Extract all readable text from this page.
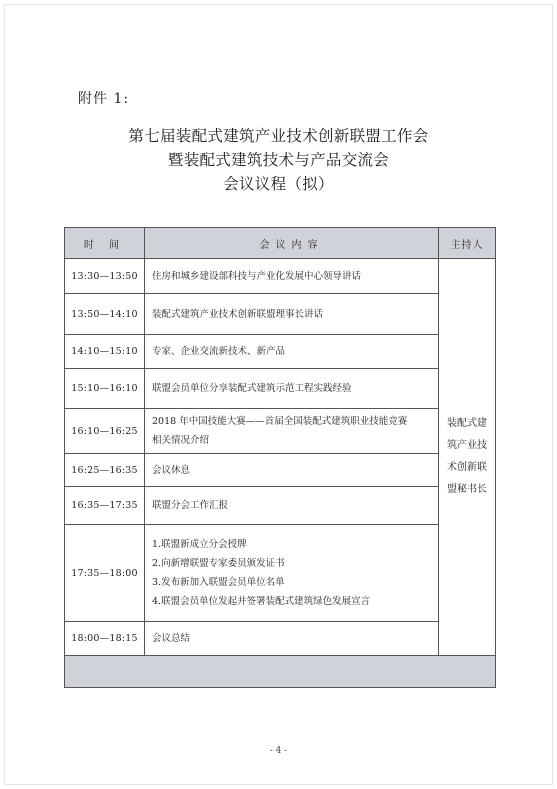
附件 1:
第七届装配式建筑产业技术创新联盟工作会
暨装配式建筑技术与产品交流会
会议议程（拟）
时 间	会议内容	主持人
13:30—13:50	住房和城乡建设部科技与产业化发展中心领导讲话	装配式建筑产业技术创新联盟秘书长
13:50—14:10	装配式建筑产业技术创新联盟理事长讲话	

14:10—15:10	专家、企业交流新技术、新产品	

15:10—16:10	联盟会员单位分享装配式建筑示范工程实践经验	

16:10—16:25	2018 年中国技能大赛——首届全国装配式建筑职业技能竞赛
相关情况介绍	

16:25—16:35	会议休息	

16:35—17:35	联盟分会工作汇报	

17:35—18:00	1.联盟新成立分会授牌
2.向新增联盟专家委员颁发证书
3.发布新加入联盟会员单位名单
4.联盟会员单位发起并签署装配式建筑绿色发展宣言	

18:00—18:15	会议总结	

- 4 -
